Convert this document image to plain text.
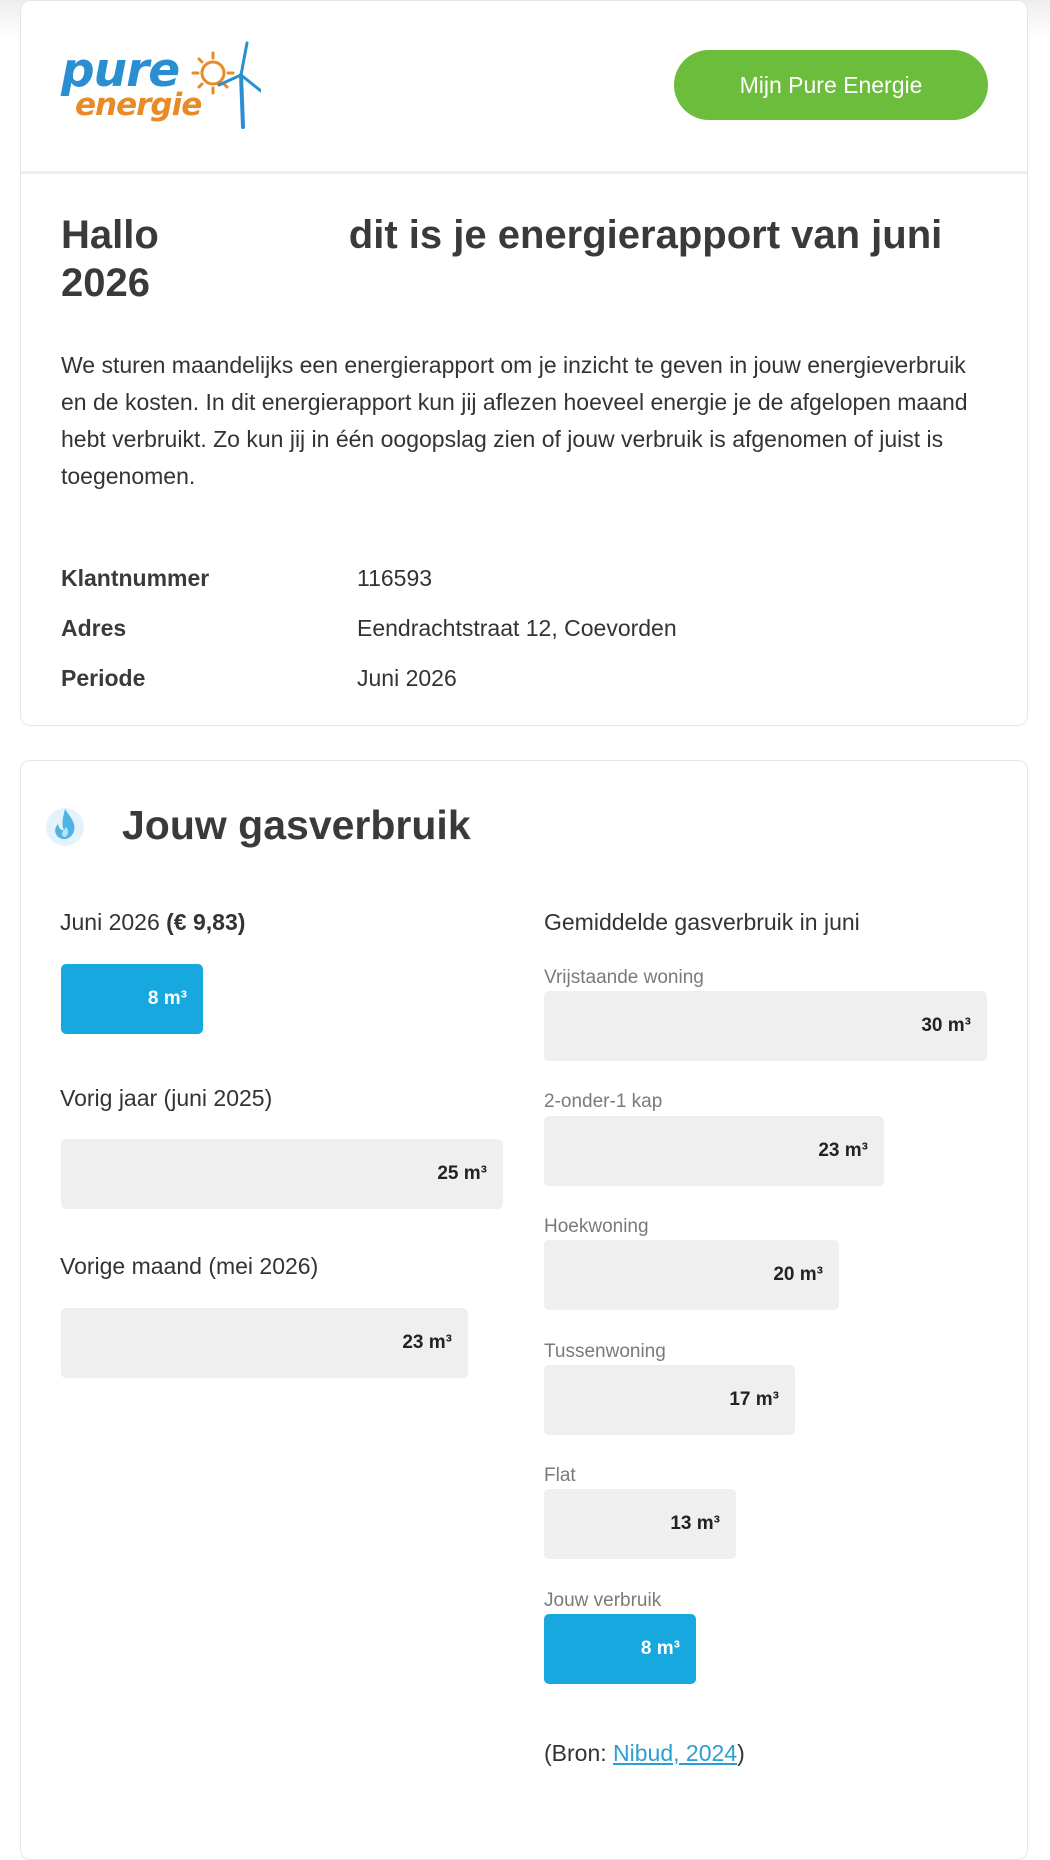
pure
energie
Mijn Pure Energie
Hallo	dit is je energierapport van juni 2026

We sturen maandelijks een energierapport om je inzicht te geven in jouw energieverbruik en de kosten. In dit energierapport kun jij aflezen hoeveel energie je de afgelopen maand hebt verbruikt. Zo kun jij in één oogopslag zien of jouw verbruik is afgenomen of juist is toegenomen.

Klantnummer	116593
Adres	Eendrachtstraat 12, Coevorden
Periode	Juni 2026
Jouw gasverbruik
Juni 2026 (€ 9,83)
8 m³
Vorig jaar (juni 2025)
25 m³
Vorige maand (mei 2026)
23 m³
Gemiddelde gasverbruik in juni
Vrijstaande woning
30 m³
2-onder-1 kap
23 m³
Hoekwoning
20 m³
Tussenwoning
17 m³
Flat
13 m³
Jouw verbruik
8 m³
(Bron: Nibud, 2024)
